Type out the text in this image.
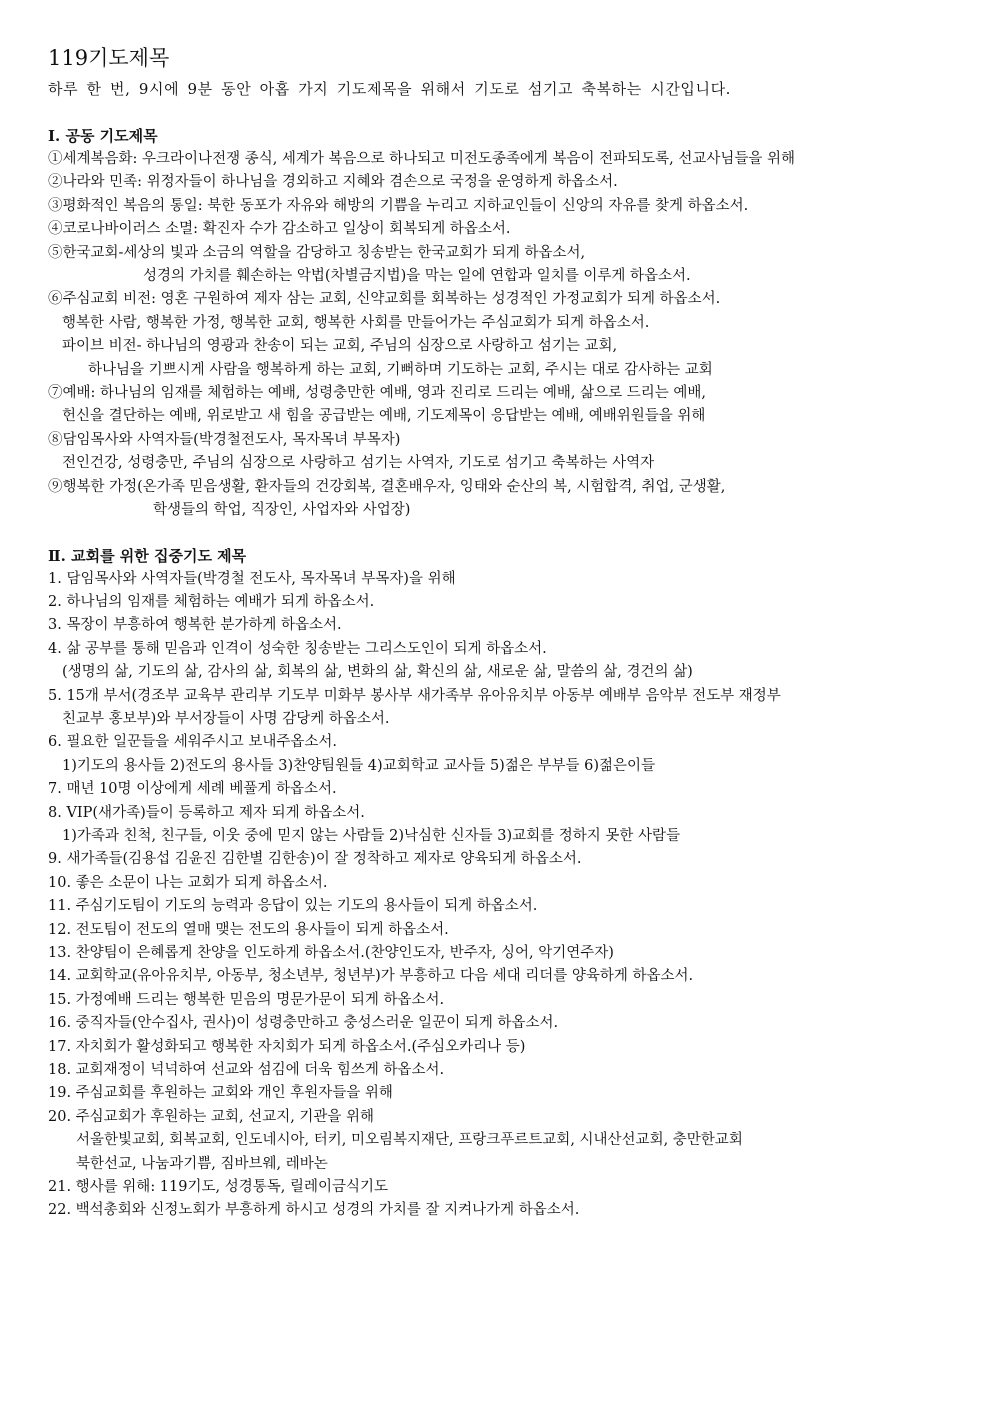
119기도제목

하루 한 번, 9시에 9분 동안 아홉 가지 기도제목을 위해서 기도로 섬기고 축복하는 시간입니다.

Ⅰ. 공동 기도제목

①세계복음화: 우크라이나전쟁 종식, 세계가 복음으로 하나되고 미전도종족에게 복음이 전파되도록, 선교사님들을 위해

②나라와 민족: 위정자들이 하나님을 경외하고 지혜와 겸손으로 국정을 운영하게 하옵소서.

③평화적인 복음의 통일: 북한 동포가 자유와 해방의 기쁨을 누리고 지하교인들이 신앙의 자유를 찾게 하옵소서.

④코로나바이러스 소멸: 확진자 수가 감소하고 일상이 회복되게 하옵소서.

⑤한국교회-세상의 빛과 소금의 역할을 감당하고 칭송받는 한국교회가 되게 하옵소서,

성경의 가치를 훼손하는 악법(차별금지법)을 막는 일에 연합과 일치를 이루게 하옵소서.

⑥주심교회 비전: 영혼 구원하여 제자 삼는 교회, 신약교회를 회복하는 성경적인 가정교회가 되게 하옵소서.

행복한 사람, 행복한 가정, 행복한 교회, 행복한 사회를 만들어가는 주심교회가 되게 하옵소서.

파이브 비전- 하나님의 영광과 찬송이 되는 교회, 주님의 심장으로 사랑하고 섬기는 교회,

하나님을 기쁘시게 사람을 행복하게 하는 교회, 기뻐하며 기도하는 교회, 주시는 대로 감사하는 교회

⑦예배: 하나님의 임재를 체험하는 예배, 성령충만한 예배, 영과 진리로 드리는 예배, 삶으로 드리는 예배,

헌신을 결단하는 예배, 위로받고 새 힘을 공급받는 예배, 기도제목이 응답받는 예배, 예배위원들을 위해

⑧담임목사와 사역자들(박경철전도사, 목자목녀 부목자)

전인건강, 성령충만, 주님의 심장으로 사랑하고 섬기는 사역자, 기도로 섬기고 축복하는 사역자

⑨행복한 가정(온가족 믿음생활, 환자들의 건강회복, 결혼배우자, 잉태와 순산의 복, 시험합격, 취업, 군생활,

학생들의 학업, 직장인, 사업자와 사업장)

Ⅱ. 교회를 위한 집중기도 제목

1. 담임목사와 사역자들(박경철 전도사, 목자목녀 부목자)을 위해

2. 하나님의 임재를 체험하는 예배가 되게 하옵소서.

3. 목장이 부흥하여 행복한 분가하게 하옵소서.

4. 삶 공부를 통해 믿음과 인격이 성숙한 칭송받는 그리스도인이 되게 하옵소서.

(생명의 삶, 기도의 삶, 감사의 삶, 회복의 삶, 변화의 삶, 확신의 삶, 새로운 삶, 말씀의 삶, 경건의 삶)

5. 15개 부서(경조부 교육부 관리부 기도부 미화부 봉사부 새가족부 유아유치부 아동부 예배부 음악부 전도부 재정부

친교부 홍보부)와 부서장들이 사명 감당케 하옵소서.

6. 필요한 일꾼들을 세워주시고 보내주옵소서.

1)기도의 용사들 2)전도의 용사들 3)찬양팀원들 4)교회학교 교사들 5)젊은 부부들 6)젊은이들

7. 매년 10명 이상에게 세례 베풀게 하옵소서.

8. VIP(새가족)들이 등록하고 제자 되게 하옵소서.

1)가족과 친척, 친구들, 이웃 중에 믿지 않는 사람들 2)낙심한 신자들 3)교회를 정하지 못한 사람들

9. 새가족들(김용섭 김윤진 김한별 김한송)이 잘 정착하고 제자로 양육되게 하옵소서.

10. 좋은 소문이 나는 교회가 되게 하옵소서.

11. 주심기도팀이 기도의 능력과 응답이 있는 기도의 용사들이 되게 하옵소서.

12. 전도팀이 전도의 열매 맺는 전도의 용사들이 되게 하옵소서.

13. 찬양팀이 은혜롭게 찬양을 인도하게 하옵소서.(찬양인도자, 반주자, 싱어, 악기연주자)

14. 교회학교(유아유치부, 아동부, 청소년부, 청년부)가 부흥하고 다음 세대 리더를 양육하게 하옵소서.

15. 가정예배 드리는 행복한 믿음의 명문가문이 되게 하옵소서.

16. 중직자들(안수집사, 권사)이 성령충만하고 충성스러운 일꾼이 되게 하옵소서.

17. 자치회가 활성화되고 행복한 자치회가 되게 하옵소서.(주심오카리나 등)

18. 교회재정이 넉넉하여 선교와 섬김에 더욱 힘쓰게 하옵소서.

19. 주심교회를 후원하는 교회와 개인 후원자들을 위해

20. 주심교회가 후원하는 교회, 선교지, 기관을 위해

서울한빛교회, 회복교회, 인도네시아, 터키, 미오림복지재단, 프랑크푸르트교회, 시내산선교회, 충만한교회

북한선교, 나눔과기쁨, 짐바브웨, 레바논

21. 행사를 위해: 119기도, 성경통독, 릴레이금식기도

22. 백석총회와 신정노회가 부흥하게 하시고 성경의 가치를 잘 지켜나가게 하옵소서.
